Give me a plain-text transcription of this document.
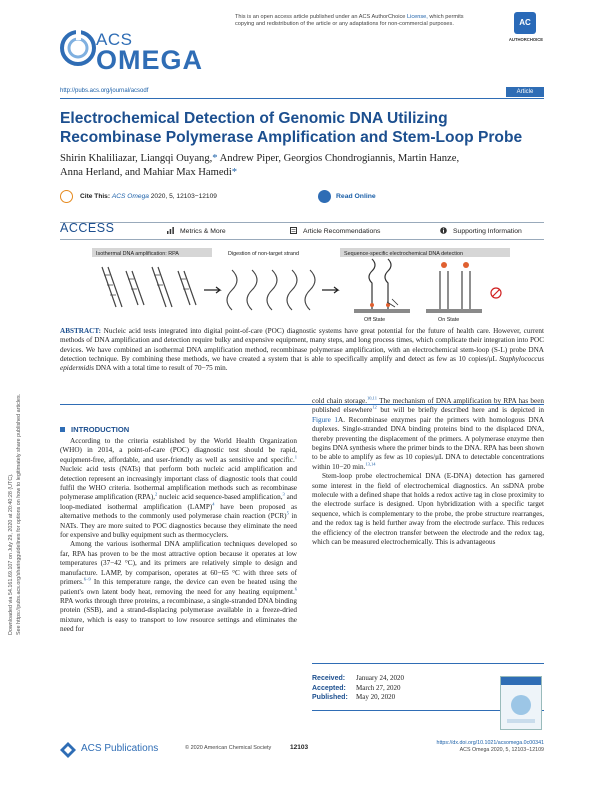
This is an open access article published under an ACS AuthorChoice License, which permits
copying and redistribution of the article or any adaptations for non-commercial purposes.	AC
AUTHORCHOICE
ACS
OMEGA
http://pubs.acs.org/journal/acsodf	Article
Electrochemical Detection of Genomic DNA Utilizing Recombinase Polymerase Amplification and Stem-Loop Probe
Shirin Khaliliazar, Liangqi Ouyang,* Andrew Piper, Georgios Chondrogiannis, Martin Hanze,
Anna Herland, and Mahiar Max Hamedi*
Cite This: ACS Omega 2020, 5, 12103−12109	Read Online
ACCESS	Metrics & More	Article Recommendations	Supporting Information
Downloaded via 54.161.69.107 on July 29, 2020 at 20:40:28 (UTC). See https://pubs.acs.org/sharingguidelines for options on how to legitimately share published articles.
Isothermal DNA amplification: RPA	Digestion of non-target strand	Sequence-specific electrochemical DNA detection
Off State	On State
ABSTRACT: Nucleic acid tests integrated into digital point-of-care (POC) diagnostic systems have great potential for the future of health care. However, current methods of DNA amplification and detection require bulky and expensive equipment, many steps, and long process times, which complicate their integration into POC devices. We have combined an isothermal DNA amplification method, recombinase polymerase amplification, with an electrochemical stem-loop (S-L) probe DNA detection technique. By combining these methods, we have created a system that is able to specifically amplify and detect as few as 10 copies/μL Staphylococcus epidermidis DNA with a total time to result of 70−75 min.
INTRODUCTION

According to the criteria established by the World Health Organization (WHO) in 2014, a point-of-care (POC) diagnostic test should be rapid, equipment-free, affordable, and user-friendly as well as sensitive and specific.$^1$ Nucleic acid tests (NATs) that perform both nucleic acid amplification and detection represent an increasingly important class of diagnostic tools that could fulfil the WHO criteria. Isothermal amplification methods such as recombinase polymerase amplification (RPA),$^2$ nucleic acid sequence-based amplification,$^3$ and loop-mediated isothermal amplification (LAMP)$^4$ have been proposed as alternative methods to the commonly used polymerase chain reaction (PCR)$^5$ in NATs. They are more suited to POC diagnostics because they eliminate the need for expensive and bulky equipment such as thermocyclers.

Among the various isothermal DNA amplification techniques developed so far, RPA has proven to be the most attractive option because it operates at low temperatures (37−42 °C), and its primers are relatively simple to design and manufacture. LAMP, by comparison, operates at 60−65 °C with three sets of primers.$^{6-9}$ In this temperature range, the device can even be heated using the patient's own latent body heat, removing the need for any heating equipment.$^6$ RPA works through three proteins, a recombinase, a single-stranded DNA binding protein (SSB), and a strand-displacing polymerase available in a freeze-dried mixture, which is easy to transport to low resource settings and eliminates the need for

cold chain storage.$^{10,11}$ The mechanism of DNA amplification by RPA has been published elsewhere$^{12}$ but will be briefly described here and is depicted in Figure 1A. Recombinase enzymes pair the primers with homologous DNA duplexes. Single-stranded DNA binding proteins bind to the displaced DNA, thereby preventing the displacement of the primers. A polymerase enzyme then begins DNA synthesis where the primer binds to the DNA. RPA has been shown to be able to amplify as few as 10 copies/μL DNA to detectable concentrations within 10−20 min.$^{13,14}$

Stem-loop probe electrochemical DNA (E-DNA) detection has garnered some interest in the field of electrochemical diagnostics. An ssDNA probe molecule with a defined shape that holds a redox active tag in close proximity to the electrode surface is designed. Upon hybridization with a specific target sequence, which is complementary to the probe, the probe structure rearranges, and the redox tag is held further away from the electrode surface. This reduces the efficiency of the electron transfer between the electrode and the redox tag, which can be measured electrochemically. This is advantageous

Received: January 24, 2020
Accepted: March 27, 2020
Published: May 20, 2020
ACS Publications	© 2020 American Chemical Society	12103
https://dx.doi.org/10.1021/acsomega.0c00341
ACS Omega 2020, 5, 12103−12109
